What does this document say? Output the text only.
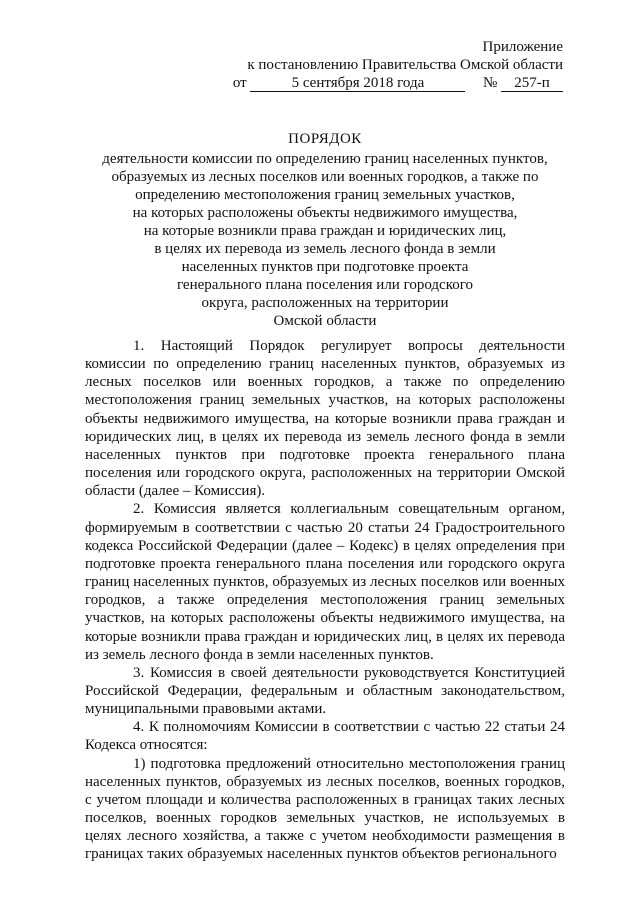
Приложение
к постановлению Правительства Омской области
от	5 сентября 2018 года	№ 257-п
ПОРЯДОК
деятельности комиссии по определению границ населенных пунктов,
образуемых из лесных поселков или военных городков, а также по
определению местоположения границ земельных участков,
на которых расположены объекты недвижимого имущества,
на которые возникли права граждан и юридических лиц,
в целях их перевода из земель лесного фонда в земли
населенных пунктов при подготовке проекта
генерального плана поселения или городского
округа, расположенных на территории
Омской области

1. Настоящий Порядок регулирует вопросы деятельности комиссии по определению границ населенных пунктов, образуемых из лесных поселков или военных городков, а также по определению местоположения границ земельных участков, на которых расположены объекты недвижимого имущества, на которые возникли права граждан и юридических лиц, в целях их перевода из земель лесного фонда в земли населенных пунктов при подготовке проекта генерального плана поселения или городского округа, расположенных на территории Омской области (далее – Комиссия).

2. Комиссия является коллегиальным совещательным органом, формируемым в соответствии с частью 20 статьи 24 Градостроительного кодекса Российской Федерации (далее – Кодекс) в целях определения при подготовке проекта генерального плана поселения или городского округа границ населенных пунктов, образуемых из лесных поселков или военных городков, а также определения местоположения границ земельных участков, на которых расположены объекты недвижимого имущества, на которые возникли права граждан и юридических лиц, в целях их перевода из земель лесного фонда в земли населенных пунктов.

3. Комиссия в своей деятельности руководствуется Конституцией Российской Федерации, федеральным и областным законодательством, муниципальными правовыми актами.

4. К полномочиям Комиссии в соответствии с частью 22 статьи 24 Кодекса относятся:

1) подготовка предложений относительно местоположения границ населенных пунктов, образуемых из лесных поселков, военных городков, с учетом площади и количества расположенных в границах таких лесных поселков, военных городков земельных участков, не используемых в целях лесного хозяйства, а также с учетом необходимости размещения в границах таких образуемых населенных пунктов объектов регионального
